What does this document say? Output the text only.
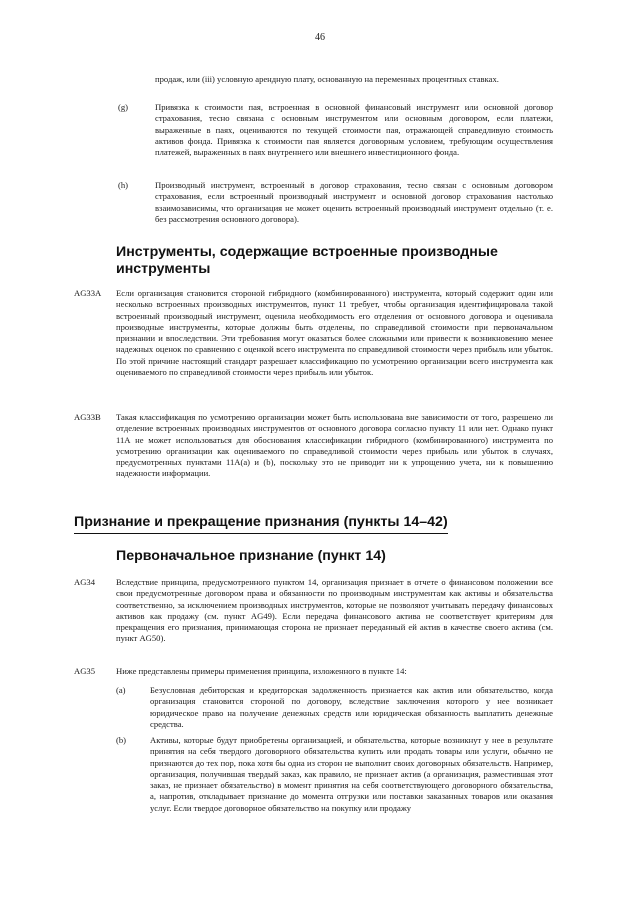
46

продаж, или (iii) условную арендную плату, основанную на переменных процентных ставках.

(g)	Привязка к стоимости пая, встроенная в основной финансовый инструмент или основной договор страхования, тесно связана с основным инструментом или основным договором, если платежи, выраженные в паях, оцениваются по текущей стоимости пая, отражающей справедливую стоимость активов фонда. Привязка к стоимости пая является договорным условием, требующим осуществления платежей, выраженных в паях внутреннего или внешнего инвестиционного фонда.

(h)	Производный инструмент, встроенный в договор страхования, тесно связан с основным договором страхования, если встроенный производный инструмент и основной договор страхования настолько взаимозависимы, что организация не может оценить встроенный производный инструмент отдельно (т. е. без рассмотрения основного договора).

Инструменты, содержащие встроенные производные инструменты
AG33A Если организация становится стороной гибридного (комбинированного) инструмента, который содержит один или несколько встроенных производных инструментов, пункт 11 требует, чтобы организация идентифицировала такой встроенный производный инструмент, оценила необходимость его отделения от основного договора и оценивала производные инструменты, которые должны быть отделены, по справедливой стоимости при первоначальном признании и впоследствии. Эти требования могут оказаться более сложными или привести к возникновению менее надежных оценок по сравнению с оценкой всего инструмента по справедливой стоимости через прибыль или убыток. По этой причине настоящий стандарт разрешает классификацию по усмотрению организации всего инструмента как оцениваемого по справедливой стоимости через прибыль или убыток.

AG33B Такая классификация по усмотрению организации может быть использована вне зависимости от того, разрешено ли отделение встроенных производных инструментов от основного договора согласно пункту 11 или нет. Однако пункт 11А не может использоваться для обоснования классификации гибридного (комбинированного) инструмента по усмотрению организации как оцениваемого по справедливой стоимости через прибыль или убыток в случаях, предусмотренных пунктами 11А(а) и (b), поскольку это не приводит ни к упрощению учета, ни к повышению надежности информации.

Признание и прекращение признания (пункты 14–42)
Первоначальное признание (пункт 14)
AG34 Вследствие принципа, предусмотренного пунктом 14, организация признает в отчете о финансовом положении все свои предусмотренные договором права и обязанности по производным инструментам как активы и обязательства соответственно, за исключением производных инструментов, которые не позволяют учитывать передачу финансовых активов как продажу (см. пункт AG49). Если передача финансового актива не соответствует критериям для прекращения его признания, принимающая сторона не признает переданный ей актив в качестве своего актива (см. пункт AG50).

AG35 Ниже представлены примеры применения принципа, изложенного в пункте 14:

(а)	Безусловная дебиторская и кредиторская задолженность признается как актив или обязательство, когда организация становится стороной по договору, вследствие заключения которого у нее возникает юридическое право на получение денежных средств или юридическая обязанность выплатить денежные средства.

(b)	Активы, которые будут приобретены организацией, и обязательства, которые возникнут у нее в результате принятия на себя твердого договорного обязательства купить или продать товары или услуги, обычно не признаются до тех пор, пока хотя бы одна из сторон не выполнит своих договорных обязательств. Например, организация, получившая твердый заказ, как правило, не признает актив (а организация, разместившая этот заказ, не признает обязательство) в момент принятия на себя соответствующего договорного обязательства, а, напротив, откладывает признание до момента отгрузки или поставки заказанных товаров или оказания услуг. Если твердое договорное обязательство на покупку или продажу
